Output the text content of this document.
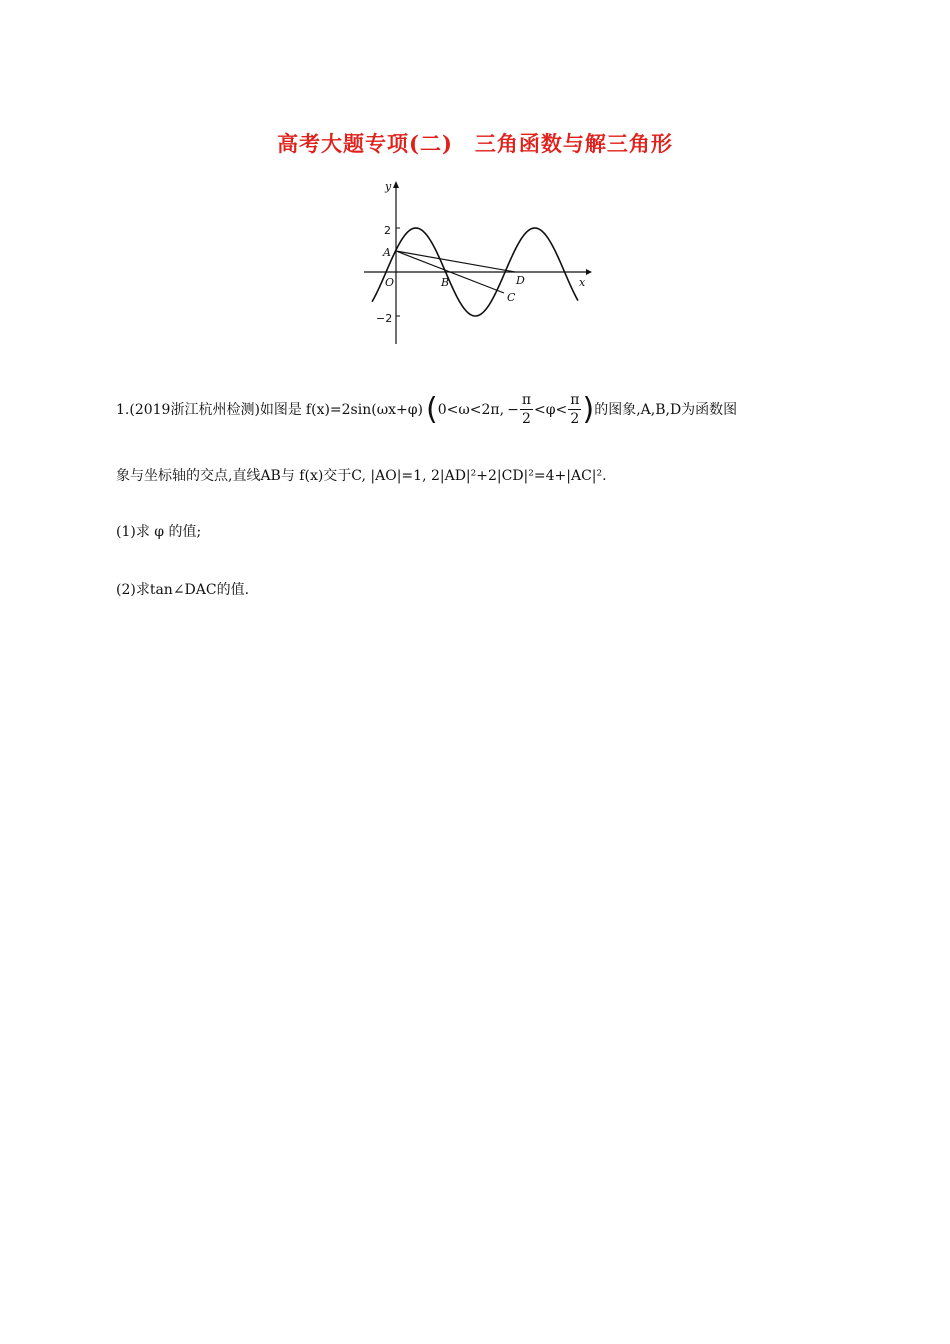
高考大题专项(二)　三角函数与解三角形
y
x
O
2
−2
A
B
C
D
1. (2019浙江杭州检测) 如图是 f(x)=2sin(ωx+φ) ( 0<ω<2π, − $\frac{\pi}{2} <\varphi< \frac{\pi}{2}$ ) 的图象,A,B,D为函数图
象与坐标轴的交点,直线AB与 f(x)交于C, |AO|=1, 2|AD|²+2|CD|²=4+|AC|².
(1)求 φ 的值;
(2)求tan∠DAC的值.
